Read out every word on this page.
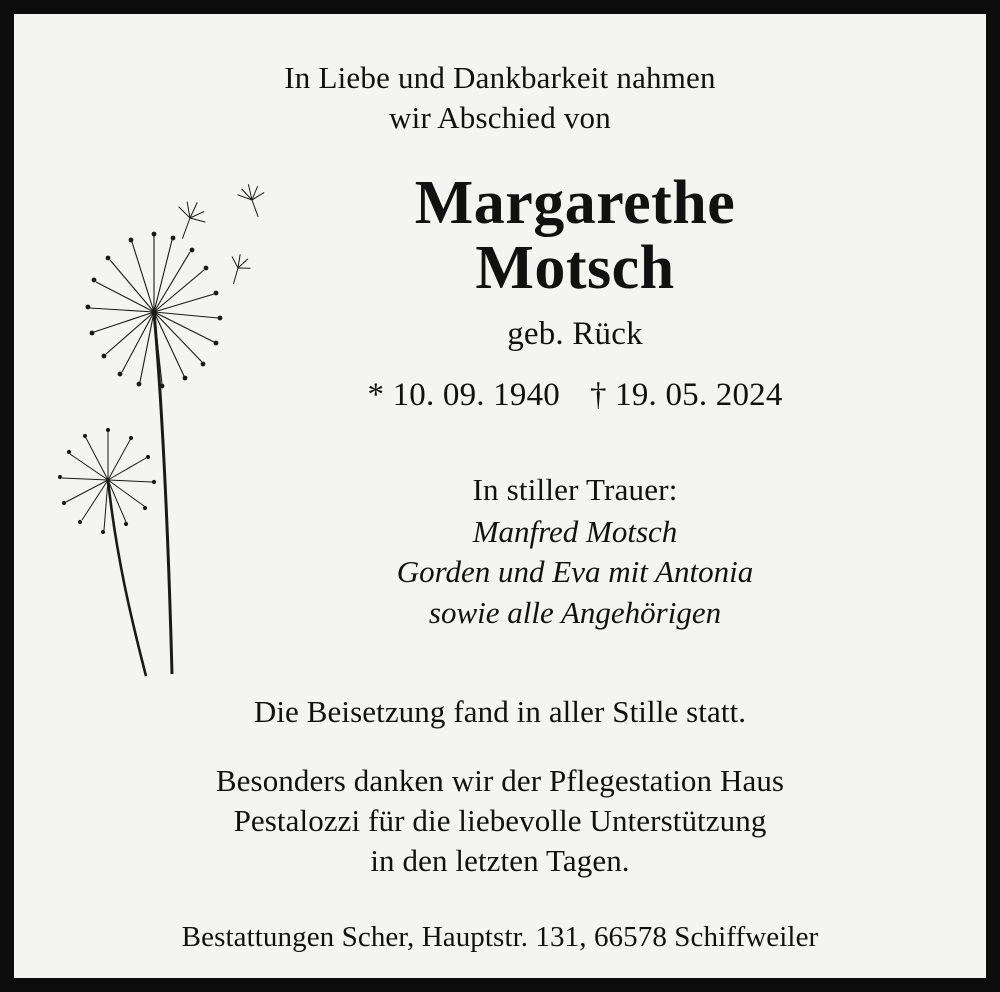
In Liebe und Dankbarkeit nahmen
wir Abschied von
Margarethe
Motsch
geb. Rück
* 10. 09. 1940 † 19. 05. 2024
In stiller Trauer:
Manfred Motsch
Gorden und Eva mit Antonia
sowie alle Angehörigen
Die Beisetzung fand in aller Stille statt.
Besonders danken wir der Pflegestation Haus
Pestalozzi für die liebevolle Unterstützung
in den letzten Tagen.
Bestattungen Scher, Hauptstr. 131, 66578 Schiffweiler
